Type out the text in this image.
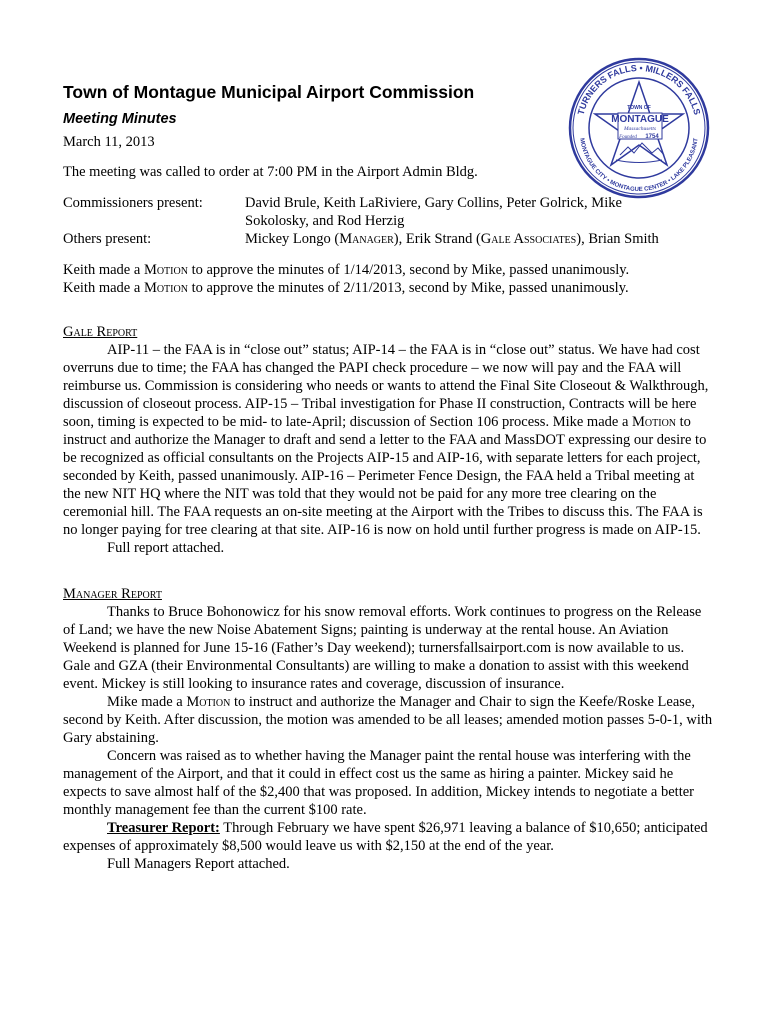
Town of Montague Municipal Airport Commission
Meeting Minutes
March 11, 2013
The meeting was called to order at 7:00 PM in the Airport Admin Bldg.
Commissioners present:	David Brule, Keith LaRiviere, Gary Collins, Peter Golrick, Mike Sokolosky, and Rod Herzig
Others present:	Mickey Longo (Manager), Erik Strand (Gale Associates), Brian Smith

Keith made a Motion to approve the minutes of 1/14/2013, second by Mike, passed unanimously.

Keith made a Motion to approve the minutes of 2/11/2013, second by Mike, passed unanimously.

Gale Report

AIP-11 – the FAA is in “close out” status; AIP-14 – the FAA is in “close out” status. We have had cost overruns due to time; the FAA has changed the PAPI check procedure – we now will pay and the FAA will reimburse us. Commission is considering who needs or wants to attend the Final Site Closeout & Walkthrough, discussion of closeout process. AIP-15 – Tribal investigation for Phase II construction, Contracts will be here soon, timing is expected to be mid- to late-April; discussion of Section 106 process. Mike made a Motion to instruct and authorize the Manager to draft and send a letter to the FAA and MassDOT expressing our desire to be recognized as official consultants on the Projects AIP-15 and AIP-16, with separate letters for each project, seconded by Keith, passed unanimously. AIP-16 – Perimeter Fence Design, the FAA held a Tribal meeting at the new NIT HQ where the NIT was told that they would not be paid for any more tree clearing on the ceremonial hill. The FAA requests an on-site meeting at the Airport with the Tribes to discuss this. The FAA is no longer paying for tree clearing at that site. AIP-16 is now on hold until further progress is made on AIP-15.

Full report attached.

Manager Report

Thanks to Bruce Bohonowicz for his snow removal efforts. Work continues to progress on the Release of Land; we have the new Noise Abatement Signs; painting is underway at the rental house. An Aviation Weekend is planned for June 15-16 (Father’s Day weekend); turnersfallsairport.com is now available to us. Gale and GZA (their Environmental Consultants) are willing to make a donation to assist with this weekend event. Mickey is still looking to insurance rates and coverage, discussion of insurance.

Mike made a Motion to instruct and authorize the Manager and Chair to sign the Keefe/Roske Lease, second by Keith. After discussion, the motion was amended to be all leases; amended motion passes 5-0-1, with Gary abstaining.

Concern was raised as to whether having the Manager paint the rental house was interfering with the management of the Airport, and that it could in effect cost us the same as hiring a painter. Mickey said he expects to save almost half of the $2,400 that was proposed. In addition, Mickey intends to negotiate a better monthly management fee than the current $100 rate.

Treasurer Report: Through February we have spent $26,971 leaving a balance of $10,650; anticipated expenses of approximately $8,500 would leave us with $2,150 at the end of the year.

Full Managers Report attached.

TURNERS FALLS • MILLERS FALLS
MONTAGUE CITY • MONTAGUE CENTER • LAKE PLEASANT
TOWN OF
MONTAGUE
Massachusetts
Founded 1754
